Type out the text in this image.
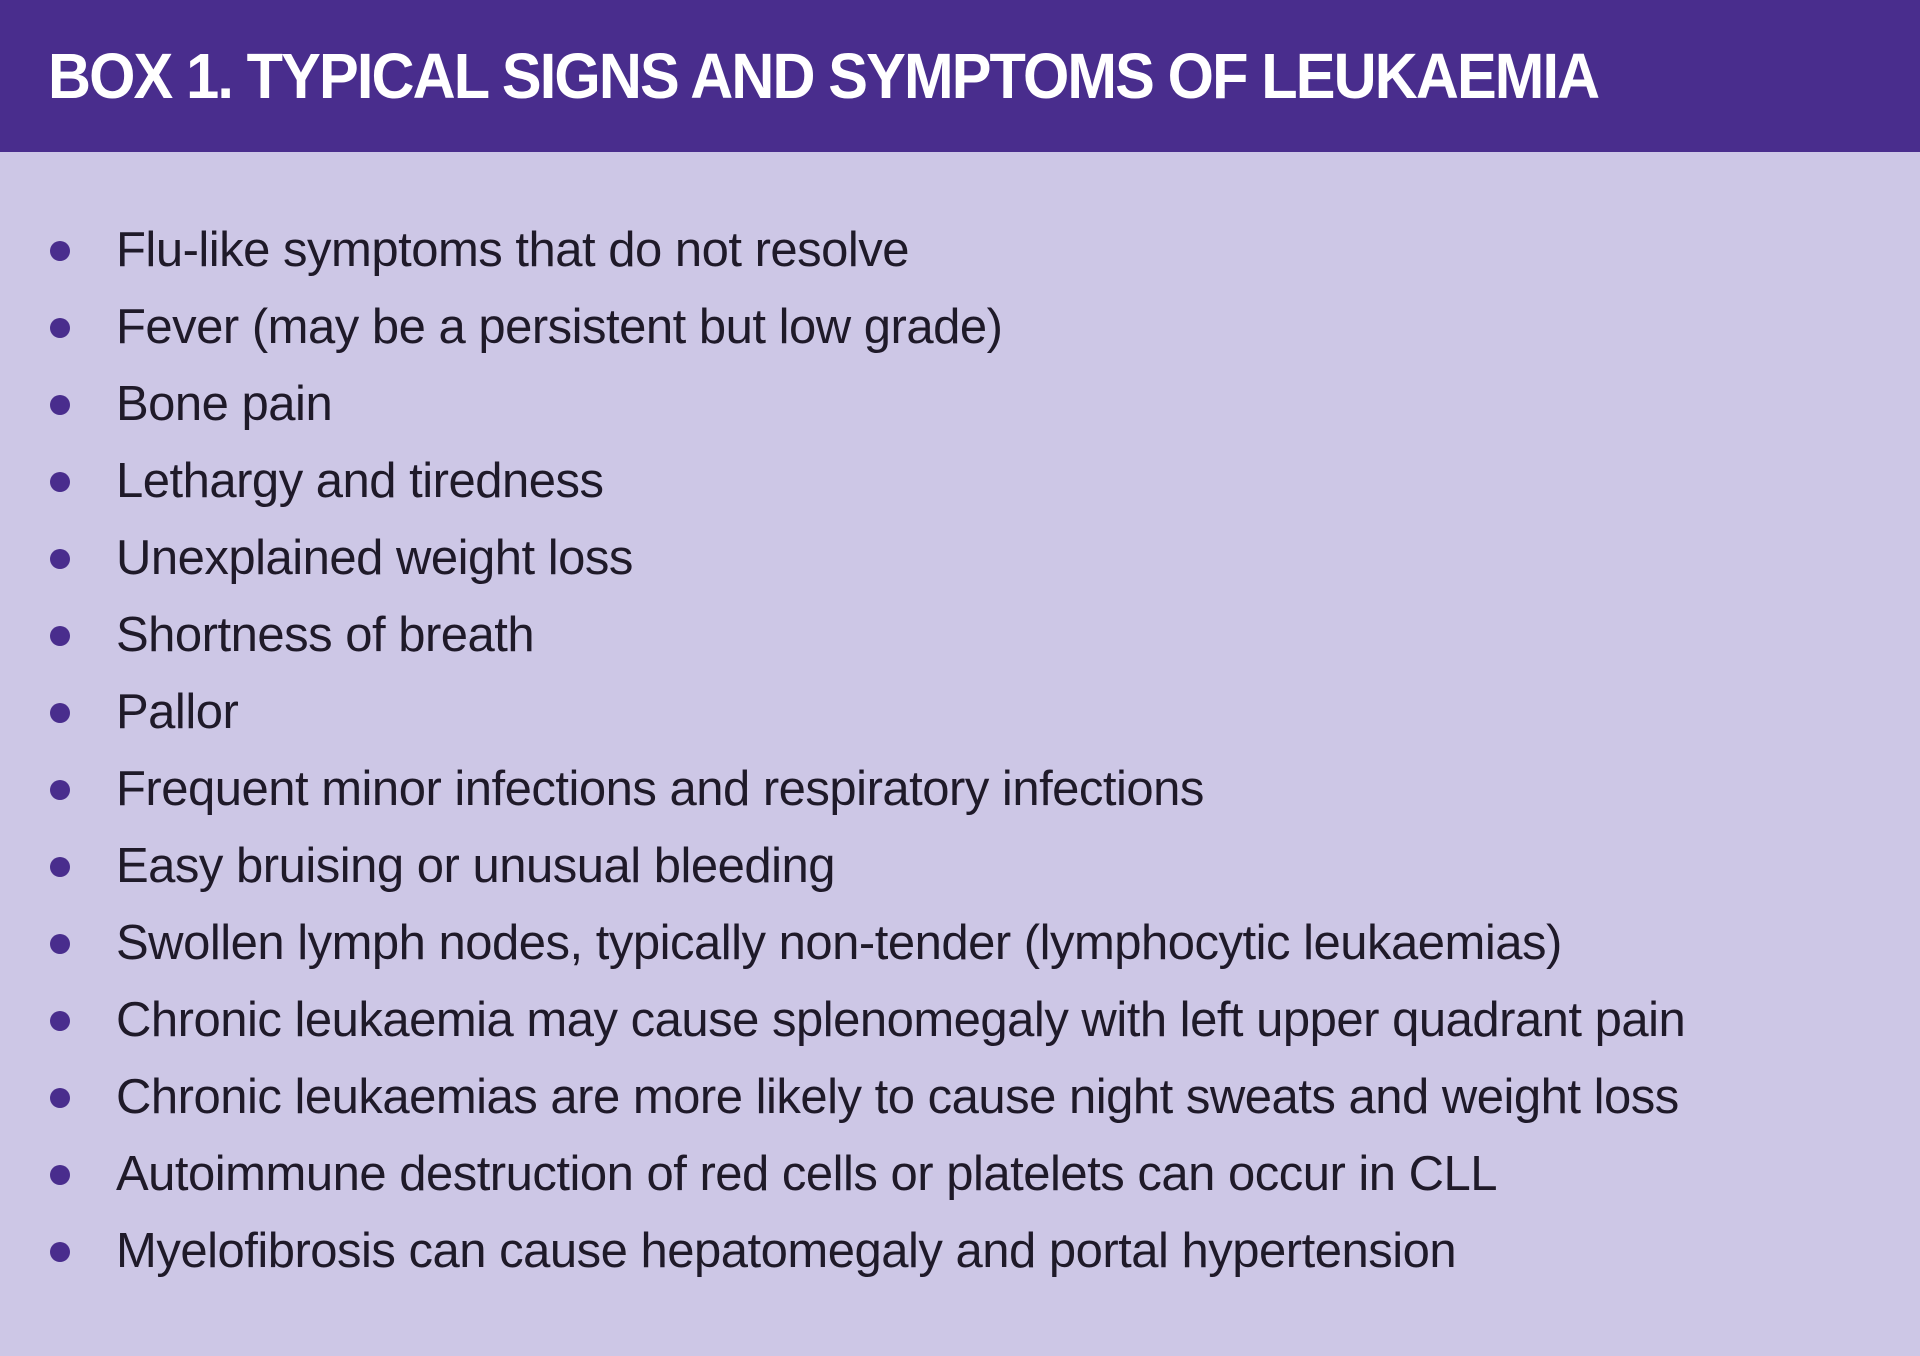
BOX 1. TYPICAL SIGNS AND SYMPTOMS OF LEUKAEMIA
Flu-like symptoms that do not resolve
Fever (may be a persistent but low grade)
Bone pain
Lethargy and tiredness
Unexplained weight loss
Shortness of breath
Pallor
Frequent minor infections and respiratory infections
Easy bruising or unusual bleeding
Swollen lymph nodes, typically non-tender (lymphocytic leukaemias)
Chronic leukaemia may cause splenomegaly with left upper quadrant pain
Chronic leukaemias are more likely to cause night sweats and weight loss
Autoimmune destruction of red cells or platelets can occur in CLL
Myelofibrosis can cause hepatomegaly and portal hypertension
